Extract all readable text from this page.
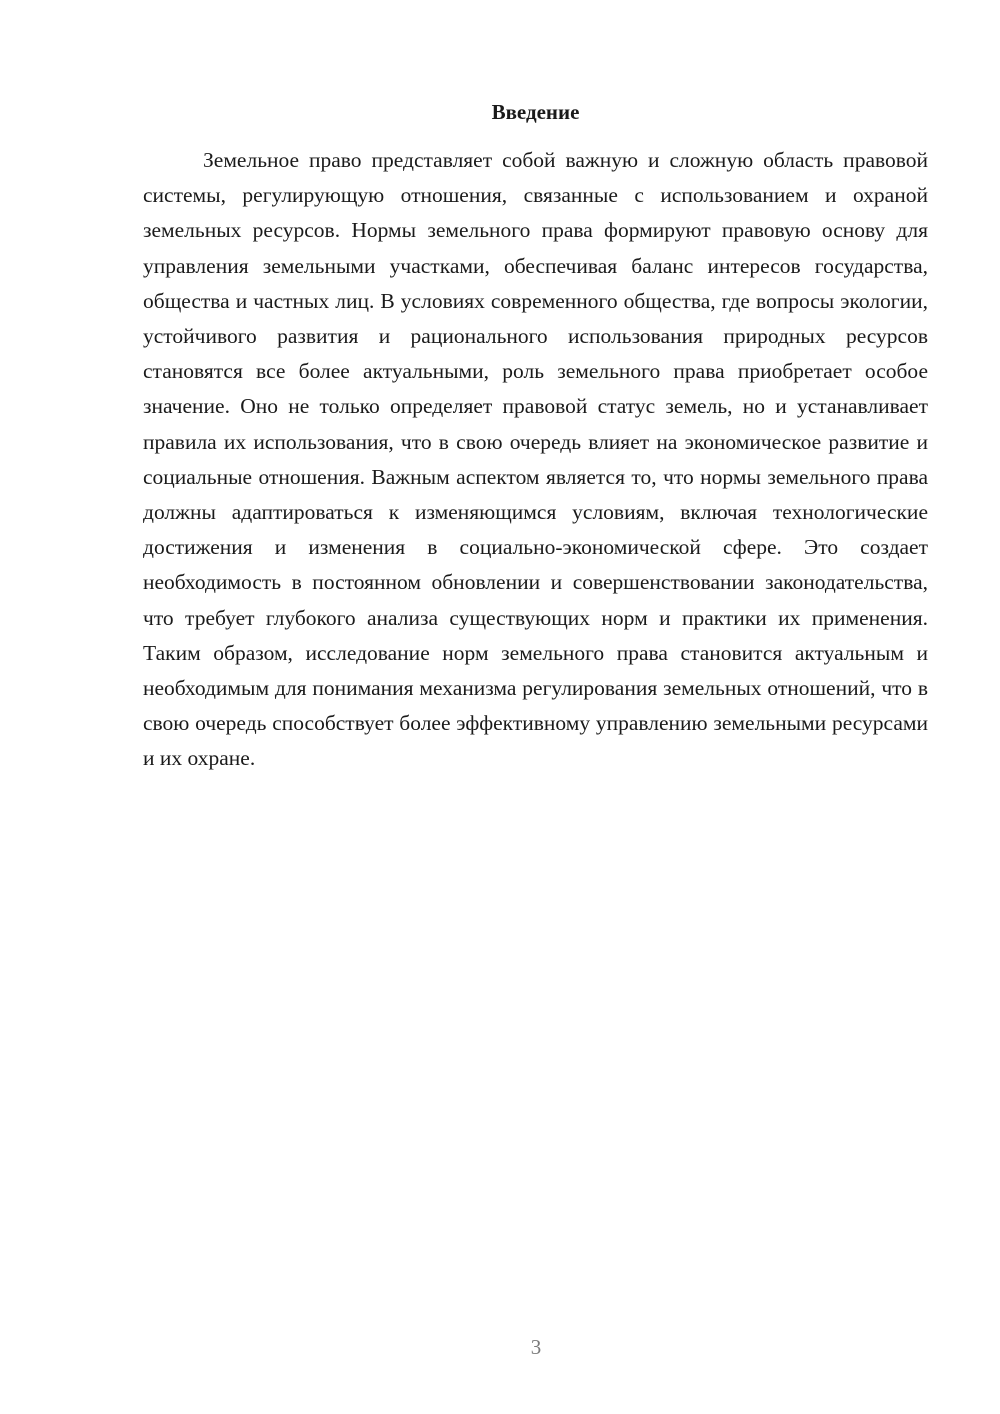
Введение

Земельное право представляет собой важную и сложную область правовой системы, регулирующую отношения, связанные с использованием и охраной земельных ресурсов. Нормы земельного права формируют правовую основу для управления земельными участками, обеспечивая баланс интересов государства, общества и частных лиц. В условиях современного общества, где вопросы экологии, устойчивого развития и рационального использования природных ресурсов становятся все более актуальными, роль земельного права приобретает особое значение. Оно не только определяет правовой статус земель, но и устанавливает правила их использования, что в свою очередь влияет на экономическое развитие и социальные отношения. Важным аспектом является то, что нормы земельного права должны адаптироваться к изменяющимся условиям, включая технологические достижения и изменения в социально-экономической сфере. Это создает необходимость в постоянном обновлении и совершенствовании законодательства, что требует глубокого анализа существующих норм и практики их применения. Таким образом, исследование норм земельного права становится актуальным и необходимым для понимания механизма регулирования земельных отношений, что в свою очередь способствует более эффективному управлению земельными ресурсами и их охране.

3
